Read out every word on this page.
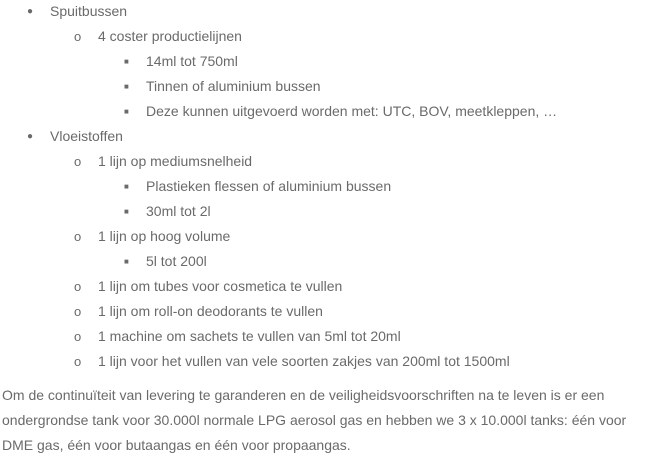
● Spuitbussen
o 4 coster productielijnen
■ 14ml tot 750ml
■ Tinnen of aluminium bussen
■ Deze kunnen uitgevoerd worden met: UTC, BOV, meetkleppen, …
● Vloeistoffen
o 1 lijn op mediumsnelheid
■ Plastieken flessen of aluminium bussen
■ 30ml tot 2l
o 1 lijn op hoog volume
■ 5l tot 200l
o 1 lijn om tubes voor cosmetica te vullen
o 1 lijn om roll-on deodorants te vullen
o 1 machine om sachets te vullen van 5ml tot 20ml
o 1 lijn voor het vullen van vele soorten zakjes van 200ml tot 1500ml

Om de continuïteit van levering te garanderen en de veiligheidsvoorschriften na te leven is er een ondergrondse tank voor 30.000l normale LPG aerosol gas en hebben we 3 x 10.000l tanks: één voor DME gas, één voor butaangas en één voor propaangas.
